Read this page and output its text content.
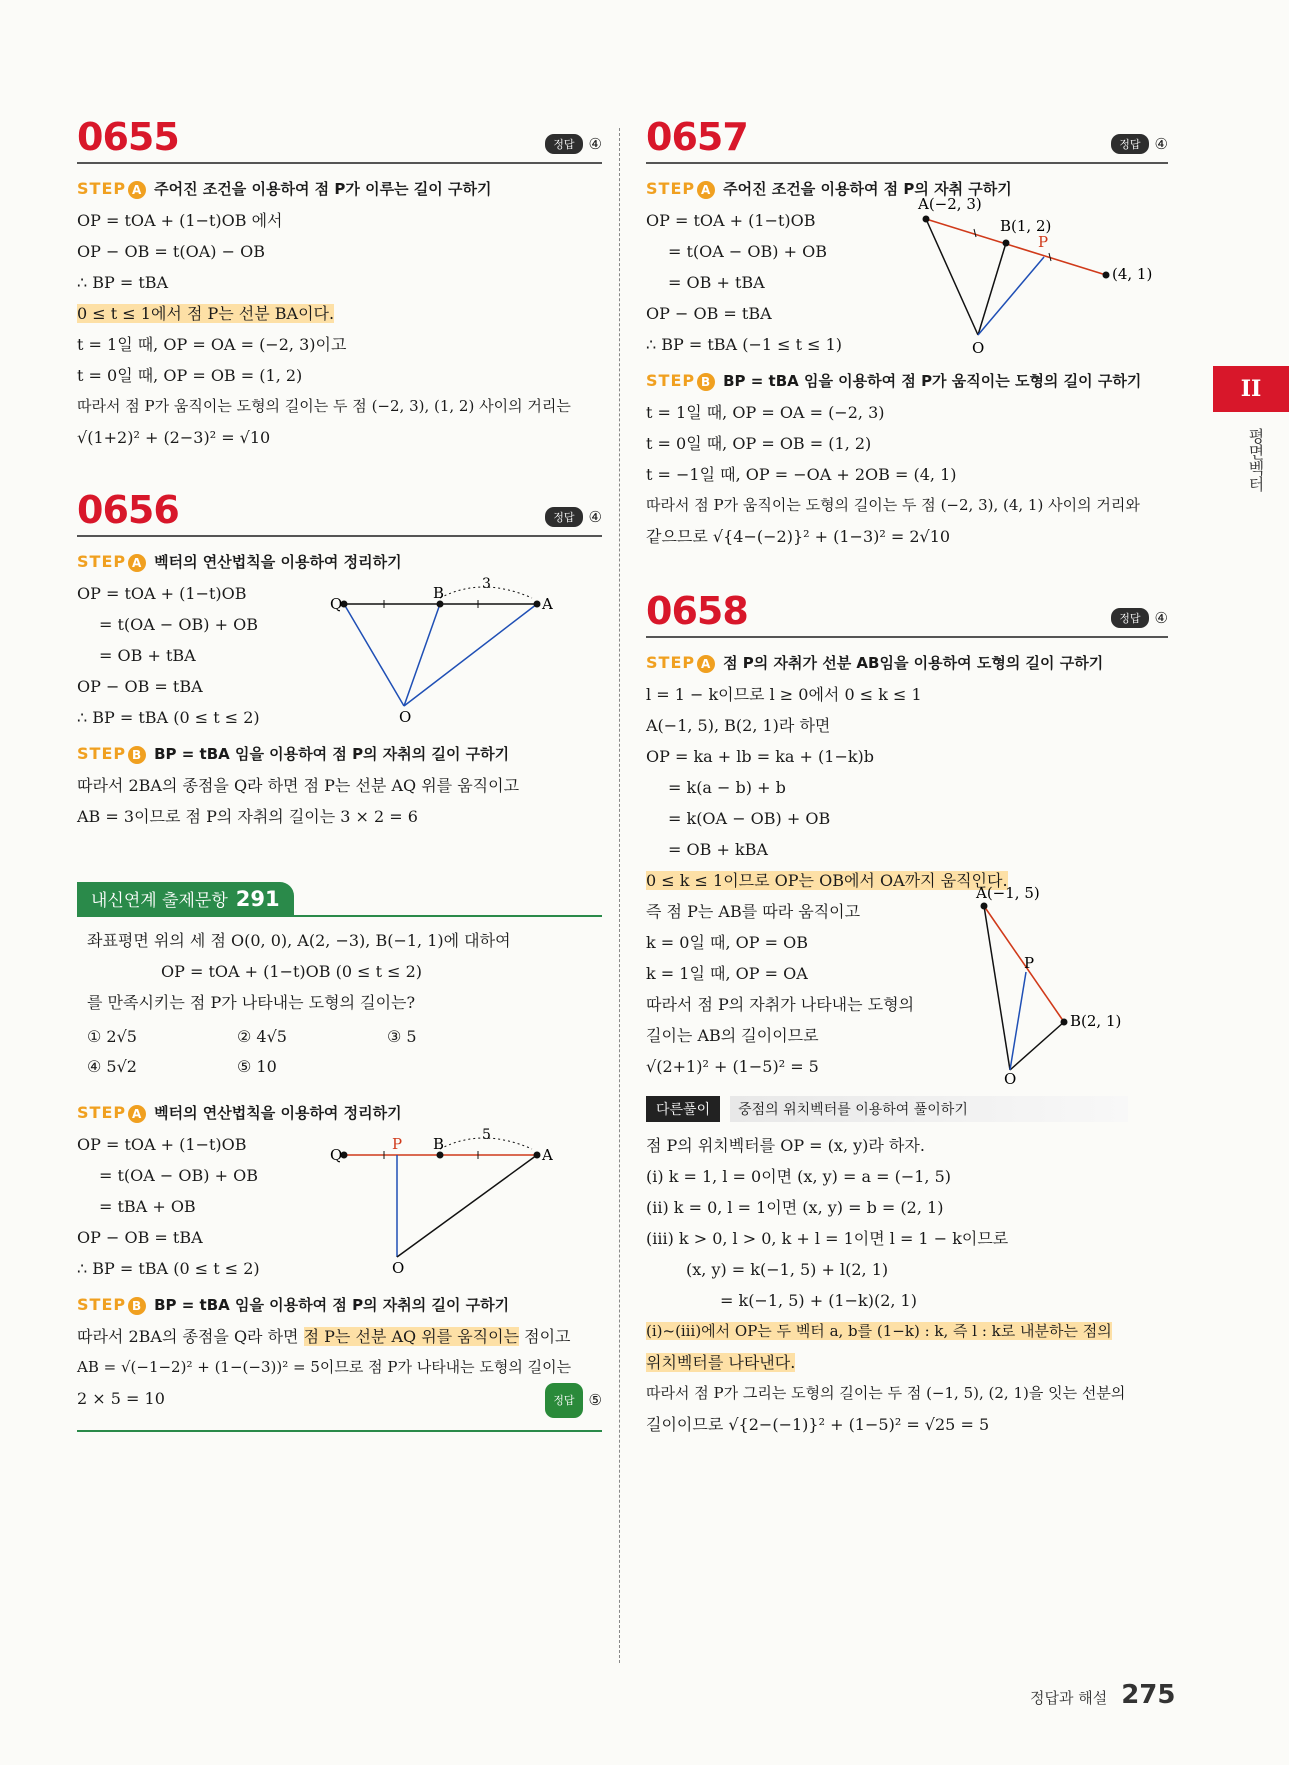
0655	정답 ④
STEP A 주어진 조건을 이용하여 점 P가 이루는 길이 구하기
OP = tOA + (1−t)OB 에서
OP − OB = t(OA) − OB
∴ BP = tBA
0 ≤ t ≤ 1에서 점 P는 선분 BA이다.
t = 1일 때, OP = OA = (−2, 3)이고
t = 0일 때, OP = OB = (1, 2)
따라서 점 P가 움직이는 도형의 길이는 두 점 (−2, 3), (1, 2) 사이의 거리는
√(1+2)² + (2−3)² = √10
0656	정답 ④
STEP A 벡터의 연산법칙을 이용하여 정리하기
OP = tOA + (1−t)OB
= t(OA − OB) + OB
= OB + tBA
OP − OB = tBA
∴ BP = tBA (0 ≤ t ≤ 2)
Q
B
A
3
O
STEP B BP = tBA 임을 이용하여 점 P의 자취의 길이 구하기
따라서 2BA의 종점을 Q라 하면 점 P는 선분 AQ 위를 움직이고
AB = 3이므로 점 P의 자취의 길이는 3 × 2 = 6
내신연계 출제문항 291
좌표평면 위의 세 점 O(0, 0), A(2, −3), B(−1, 1)에 대하여
OP = tOA + (1−t)OB (0 ≤ t ≤ 2)
를 만족시키는 점 P가 나타내는 도형의 길이는?
① 2√5	② 4√5	③ 5
④ 5√2	⑤ 10
STEP A 벡터의 연산법칙을 이용하여 정리하기
OP = tOA + (1−t)OB
= t(OA − OB) + OB
= tBA + OB
OP − OB = tBA
∴ BP = tBA (0 ≤ t ≤ 2)
Q
P B
A
5
O
STEP B BP = tBA 임을 이용하여 점 P의 자취의 길이 구하기
따라서 2BA의 종점을 Q라 하면 점 P는 선분 AQ 위를 움직이는 점이고
AB = √(−1−2)² + (1−(−3))² = 5이므로 점 P가 나타내는 도형의 길이는
2 × 5 = 10	정답 ⑤
0657	정답 ④
STEP A 주어진 조건을 이용하여 점 P의 자취 구하기
OP = tOA + (1−t)OB
= t(OA − OB) + OB
= OB + tBA
OP − OB = tBA
∴ BP = tBA (−1 ≤ t ≤ 1)
A(−2, 3)
B(1, 2)
P
(4, 1)
O
STEP B BP = tBA 임을 이용하여 점 P가 움직이는 도형의 길이 구하기
t = 1일 때, OP = OA = (−2, 3)
t = 0일 때, OP = OB = (1, 2)
t = −1일 때, OP = −OA + 2OB = (4, 1)
따라서 점 P가 움직이는 도형의 길이는 두 점 (−2, 3), (4, 1) 사이의 거리와
같으므로 √{4−(−2)}² + (1−3)² = 2√10
0658	정답 ④
STEP A 점 P의 자취가 선분 AB임을 이용하여 도형의 길이 구하기
l = 1 − k이므로 l ≥ 0에서 0 ≤ k ≤ 1
A(−1, 5), B(2, 1)라 하면
OP = ka + lb = ka + (1−k)b
= k(a − b) + b
= k(OA − OB) + OB
= OB + kBA
0 ≤ k ≤ 1이므로 OP는 OB에서 OA까지 움직인다.
즉 점 P는 AB를 따라 움직이고
k = 0일 때, OP = OB
k = 1일 때, OP = OA
따라서 점 P의 자취가 나타내는 도형의
길이는 AB의 길이이므로
√(2+1)² + (1−5)² = 5
A(−1, 5)
P
B(2, 1)
O
다른풀이	중점의 위치벡터를 이용하여 풀이하기
점 P의 위치벡터를 OP = (x, y)라 하자.
(ⅰ) k = 1, l = 0이면 (x, y) = a = (−1, 5)
(ⅱ) k = 0, l = 1이면 (x, y) = b = (2, 1)
(ⅲ) k > 0, l > 0, k + l = 1이면 l = 1 − k이므로
(x, y) = k(−1, 5) + l(2, 1)
= k(−1, 5) + (1−k)(2, 1)
(ⅰ)~(ⅲ)에서 OP는 두 벡터 a, b를 (1−k) : k, 즉 l : k로 내분하는 점의
위치벡터를 나타낸다.
따라서 점 P가 그리는 도형의 길이는 두 점 (−1, 5), (2, 1)을 잇는 선분의
길이이므로 √{2−(−1)}² + (1−5)² = √25 = 5
II
평면벡터
정답과 해설 275
